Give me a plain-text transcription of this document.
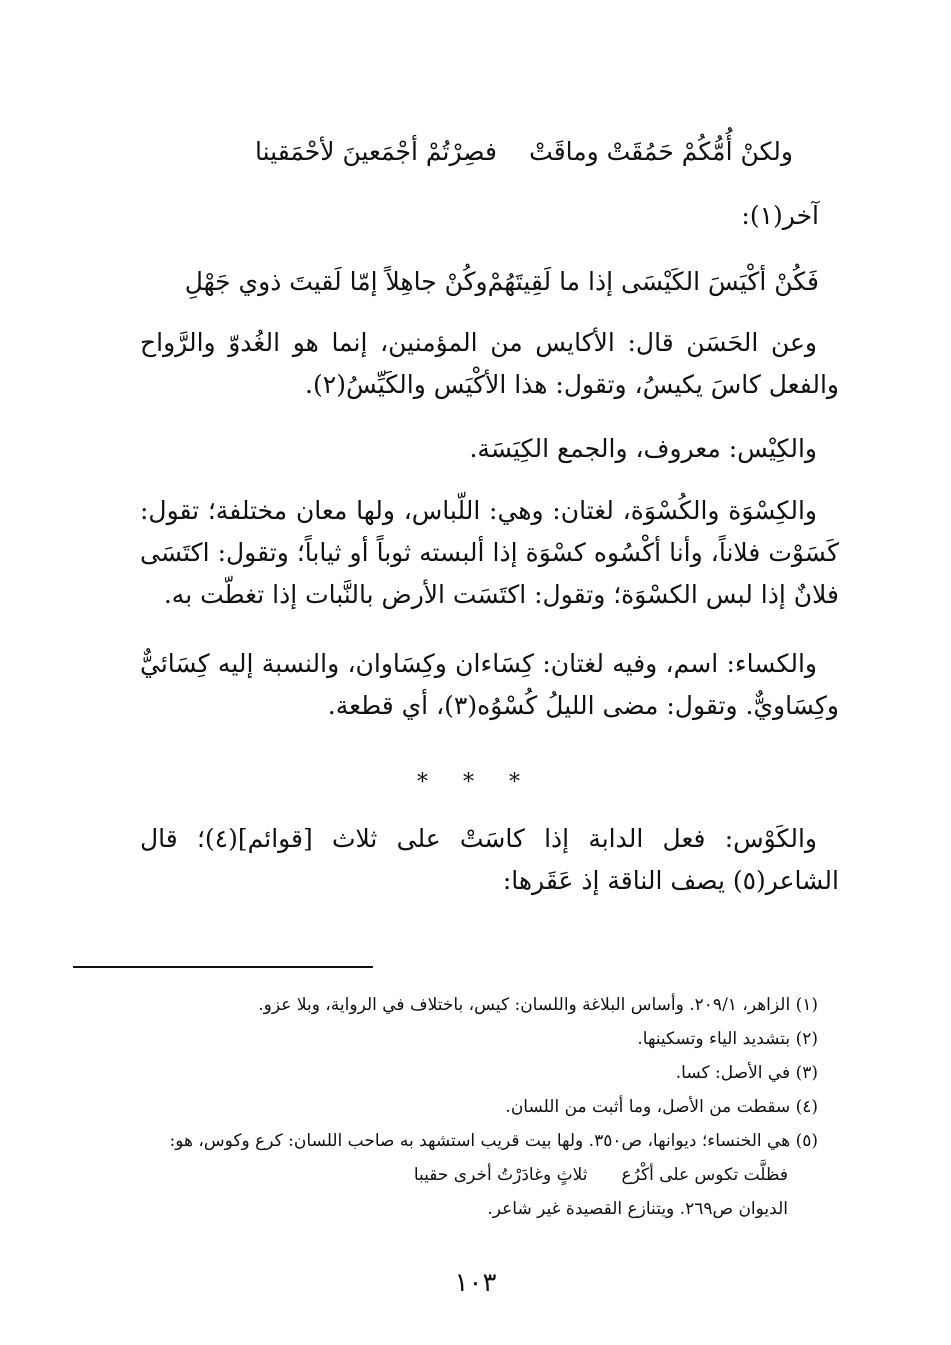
ولكنْ أُمُّكُمْ حَمُقَتْ وماقَتْ
فصِرْتُمْ أجْمَعينَ لأحْمَقينا
آخر(١):
فَكُنْ أكْيَسَ الكَيْسَى إذا ما لَقِيتَهُمْ
وكُنْ جاهِلاً إمّا لَقيتَ ذوي جَهْلِ

وعن الحَسَن قال: الأكايس من المؤمنين، إنما هو الغُدوّ والرَّواح والفعل كاسَ يكيسُ، وتقول: هذا الأكْيَس والكَيِّسُ(٢).

والكِيْس: معروف، والجمع الكِيَسَة.

والكِسْوَة والكُسْوَة، لغتان: وهي: اللّباس، ولها معان مختلفة؛ تقول: كَسَوْت فلاناً، وأنا أكْسُوه كسْوَة إذا ألبسته ثوباً أو ثياباً؛ وتقول: اكتَسَى فلانٌ إذا لبس الكسْوَة؛ وتقول: اكتَسَت الأرض بالنَّبات إذا تغطّت به.

والكساء: اسم، وفيه لغتان: كِسَاءان وكِسَاوان، والنسبة إليه كِسَائيٌّ وكِسَاويٌّ. وتقول: مضى الليلُ كُسْوُه(٣)، أي قطعة.

* * *

والكَوْس: فعل الدابة إذا كاسَتْ على ثلاث [قوائم](٤)؛ قال الشاعر(٥) يصف الناقة إذ عَقَرها:

(١) الزاهر، ٢٠٩/١. وأساس البلاغة واللسان: كيس، باختلاف في الرواية، وبلا عزو.
(٢) بتشديد الياء وتسكينها.
(٣) في الأصل: كسا.
(٤) سقطت من الأصل، وما أثبت من اللسان.
(٥) هي الخنساء؛ ديوانها، ص٣٥٠. ولها بيت قريب استشهد به صاحب اللسان: كرع وكوس، هو:
فظلَّت تكوس على أكْرُع
ثلاثٍ وغادَرْتُ أخرى حقيبا
الديوان ص٢٦٩. ويتنازع القصيدة غير شاعر.
١٠٣
